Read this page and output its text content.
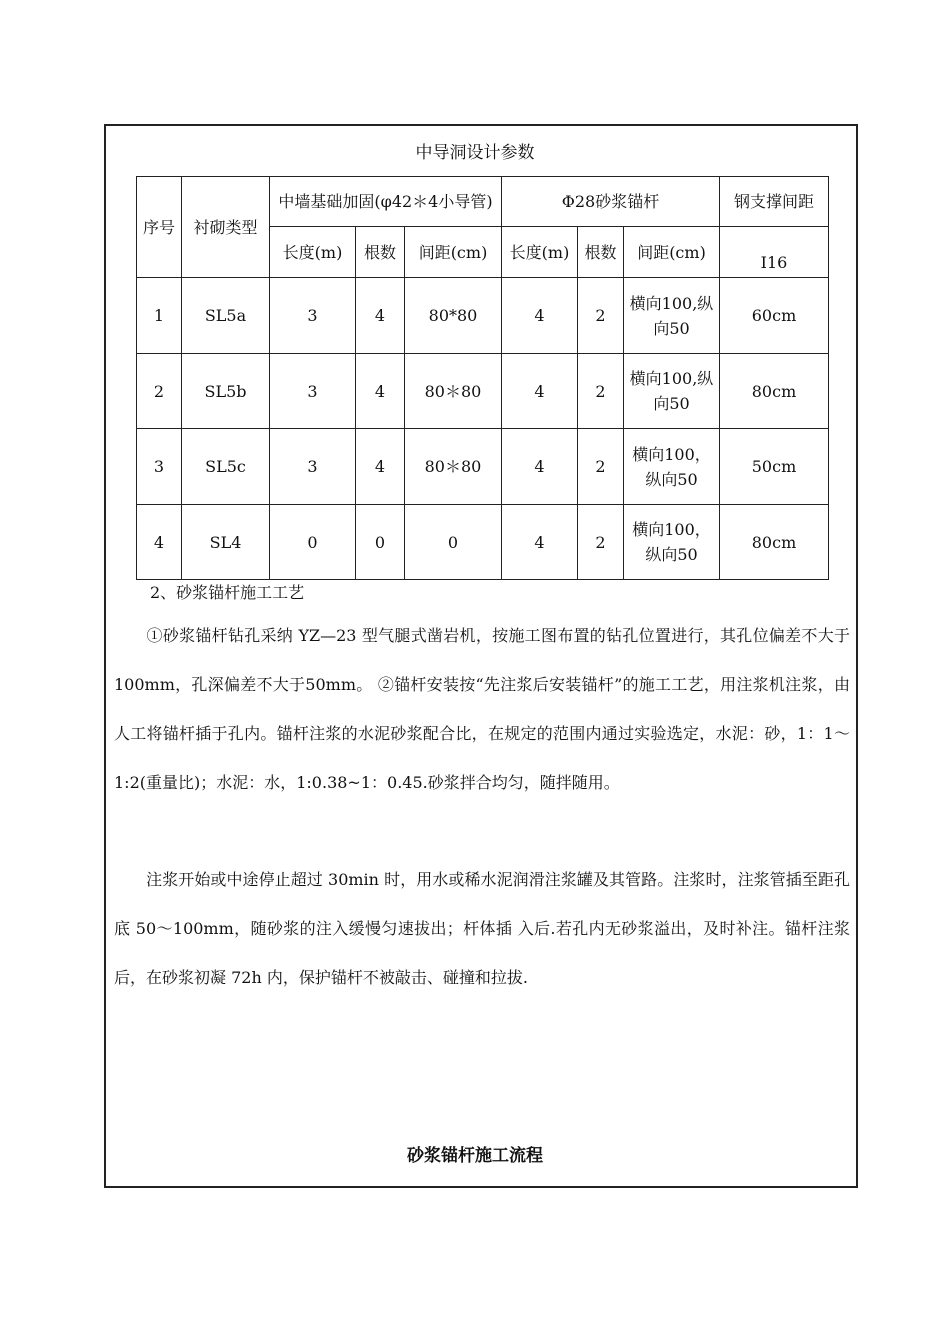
中导洞设计参数
序号	衬砌类型	中墙基础加固(φ42＊4小导管)			Φ28砂浆锚杆			钢支撑间距
		长度(m)	根数	间距(cm)	长度(m)	根数	间距(cm)	I16
1	SL5a	3	4	80*80	4	2	横向100,纵向50	60cm
2	SL5b	3	4	80＊80	4	2	横向100,纵向50	80cm
3	SL5c	3	4	80＊80	4	2	横向100，纵向50	50cm
4	SL4	0	0	0	4	2	横向100，纵向50	80cm
2、砂浆锚杆施工工艺
　　①砂浆锚杆钻孔采纳 YZ—23 型气腿式凿岩机，按施工图布置的钻孔位置进行，其孔位偏差不大于100mm，孔深偏差不大于50mm。 ②锚杆安装按“先注浆后安装锚杆”的施工工艺，用注浆机注浆，由人工将锚杆插于孔内。锚杆注浆的水泥砂浆配合比，在规定的范围内通过实验选定，水泥：砂，1：1～1:2(重量比)；水泥：水，1:0.38~1：0.45.砂浆拌合均匀，随拌随用。
　　注浆开始或中途停止超过 30min 时，用水或稀水泥润滑注浆罐及其管路。注浆时，注浆管插至距孔底 50～100mm，随砂浆的注入缓慢匀速拔出；杆体插 入后.若孔内无砂浆溢出，及时补注。锚杆注浆后，在砂浆初凝 72h 内，保护锚杆不被敲击、碰撞和拉拔.
砂浆锚杆施工流程
